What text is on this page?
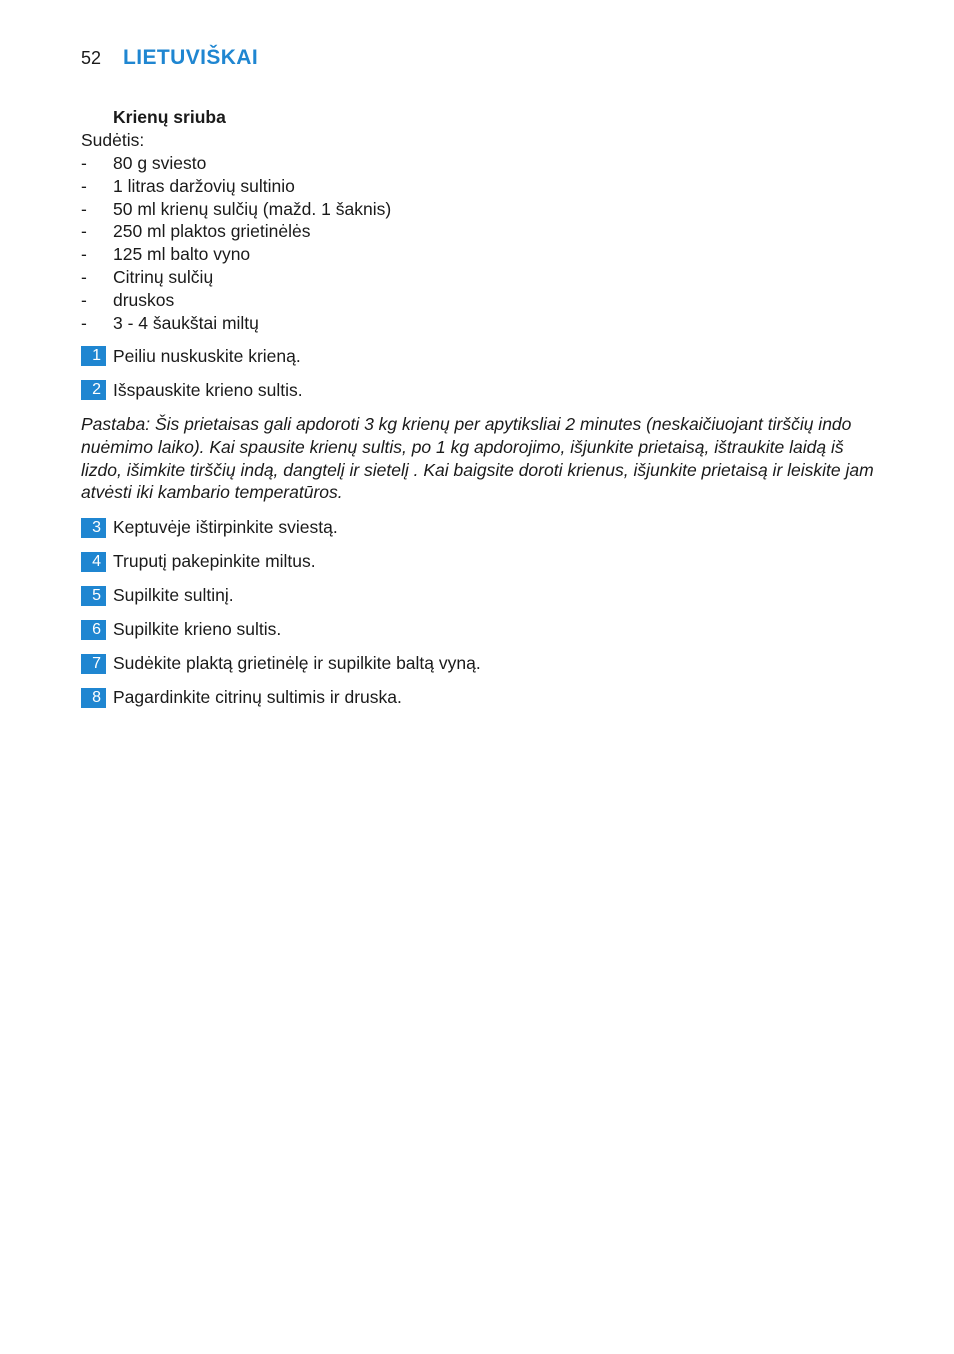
52 LIETUVIŠKAI
Krienų sriuba
Sudėtis:
-	80 g sviesto
-	1 litras daržovių sultinio
-	50 ml krienų sulčių (mažd. 1 šaknis)
-	250 ml plaktos grietinėlės
-	125 ml balto vyno
-	Citrinų sulčių
-	druskos
-	3 - 4 šaukštai miltų
1 Peiliu nuskuskite krieną.
2 Išspauskite krieno sultis.
Pastaba: Šis prietaisas gali apdoroti 3 kg krienų per apytiksliai 2 minutes (neskaičiuojant tirščių indo nuėmimo laiko). Kai spausite krienų sultis, po 1 kg apdorojimo, išjunkite prietaisą, ištraukite laidą iš lizdo, išimkite tirščių indą, dangtelį ir sietelį . Kai baigsite doroti krienus, išjunkite prietaisą ir leiskite jam atvėsti iki kambario temperatūros.
3 Keptuvėje ištirpinkite sviestą.
4 Truputį pakepinkite miltus.
5 Supilkite sultinį.
6 Supilkite krieno sultis.
7 Sudėkite plaktą grietinėlę ir supilkite baltą vyną.
8 Pagardinkite citrinų sultimis ir druska.
